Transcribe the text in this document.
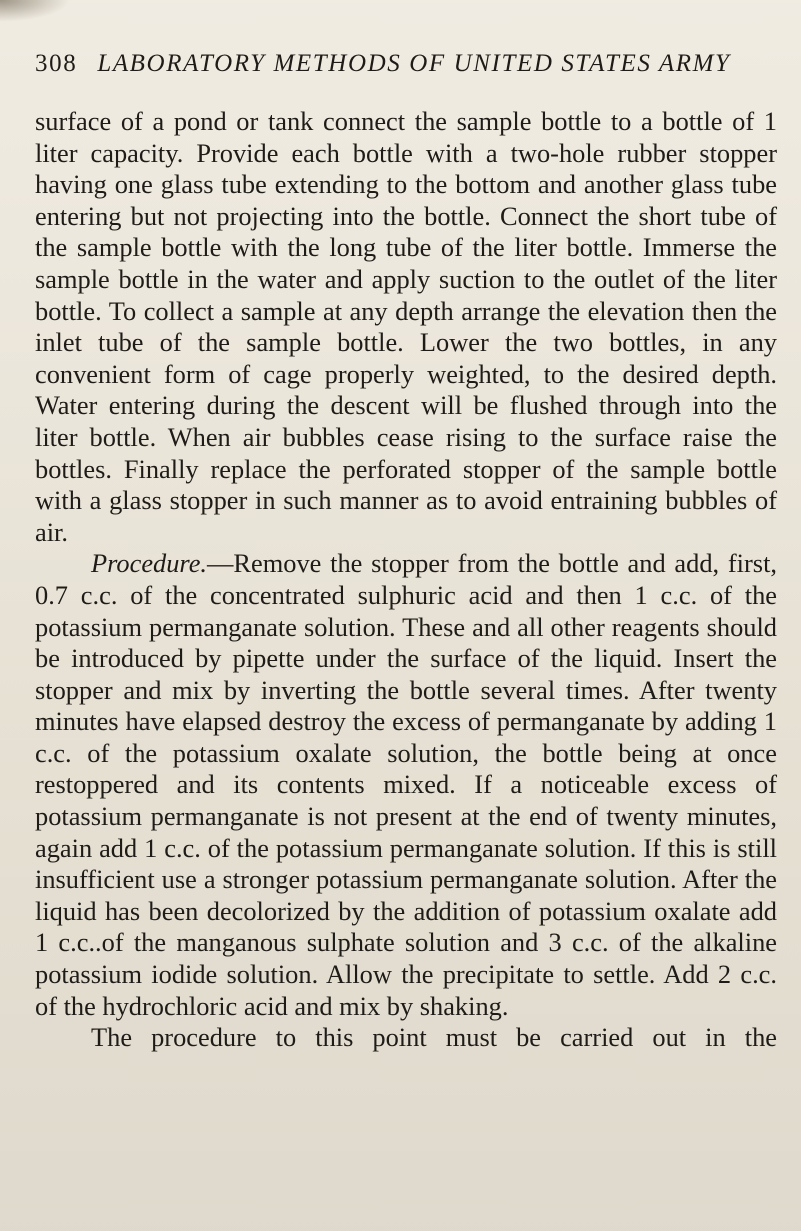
308 LABORATORY METHODS OF UNITED STATES ARMY

surface of a pond or tank connect the sample bottle to a bottle of 1 liter capacity. Provide each bottle with a two-hole rubber stopper having one glass tube extending to the bottom and another glass tube entering but not projecting into the bottle. Connect the short tube of the sample bottle with the long tube of the liter bottle. Immerse the sample bottle in the water and apply suction to the outlet of the liter bottle. To collect a sample at any depth arrange the elevation then the inlet tube of the sample bottle. Lower the two bottles, in any convenient form of cage properly weighted, to the desired depth. Water entering during the descent will be flushed through into the liter bottle. When air bubbles cease rising to the surface raise the bottles. Finally replace the perforated stopper of the sample bottle with a glass stopper in such manner as to avoid entraining bubbles of air.

Procedure.—Remove the stopper from the bottle and add, first, 0.7 c.c. of the concentrated sulphuric acid and then 1 c.c. of the potassium permanganate solution. These and all other reagents should be introduced by pipette under the surface of the liquid. Insert the stopper and mix by inverting the bottle several times. After twenty minutes have elapsed destroy the excess of permanganate by adding 1 c.c. of the potassium oxalate solution, the bottle being at once restoppered and its contents mixed. If a noticeable excess of potassium permanganate is not present at the end of twenty minutes, again add 1 c.c. of the potassium permanganate solution. If this is still insufficient use a stronger potassium permanganate solution. After the liquid has been decolorized by the addition of potassium oxalate add 1 c.c..of the manganous sulphate solution and 3 c.c. of the alkaline potassium iodide solution. Allow the precipitate to settle. Add 2 c.c. of the hydrochloric acid and mix by shaking.

The procedure to this point must be carried out in the
